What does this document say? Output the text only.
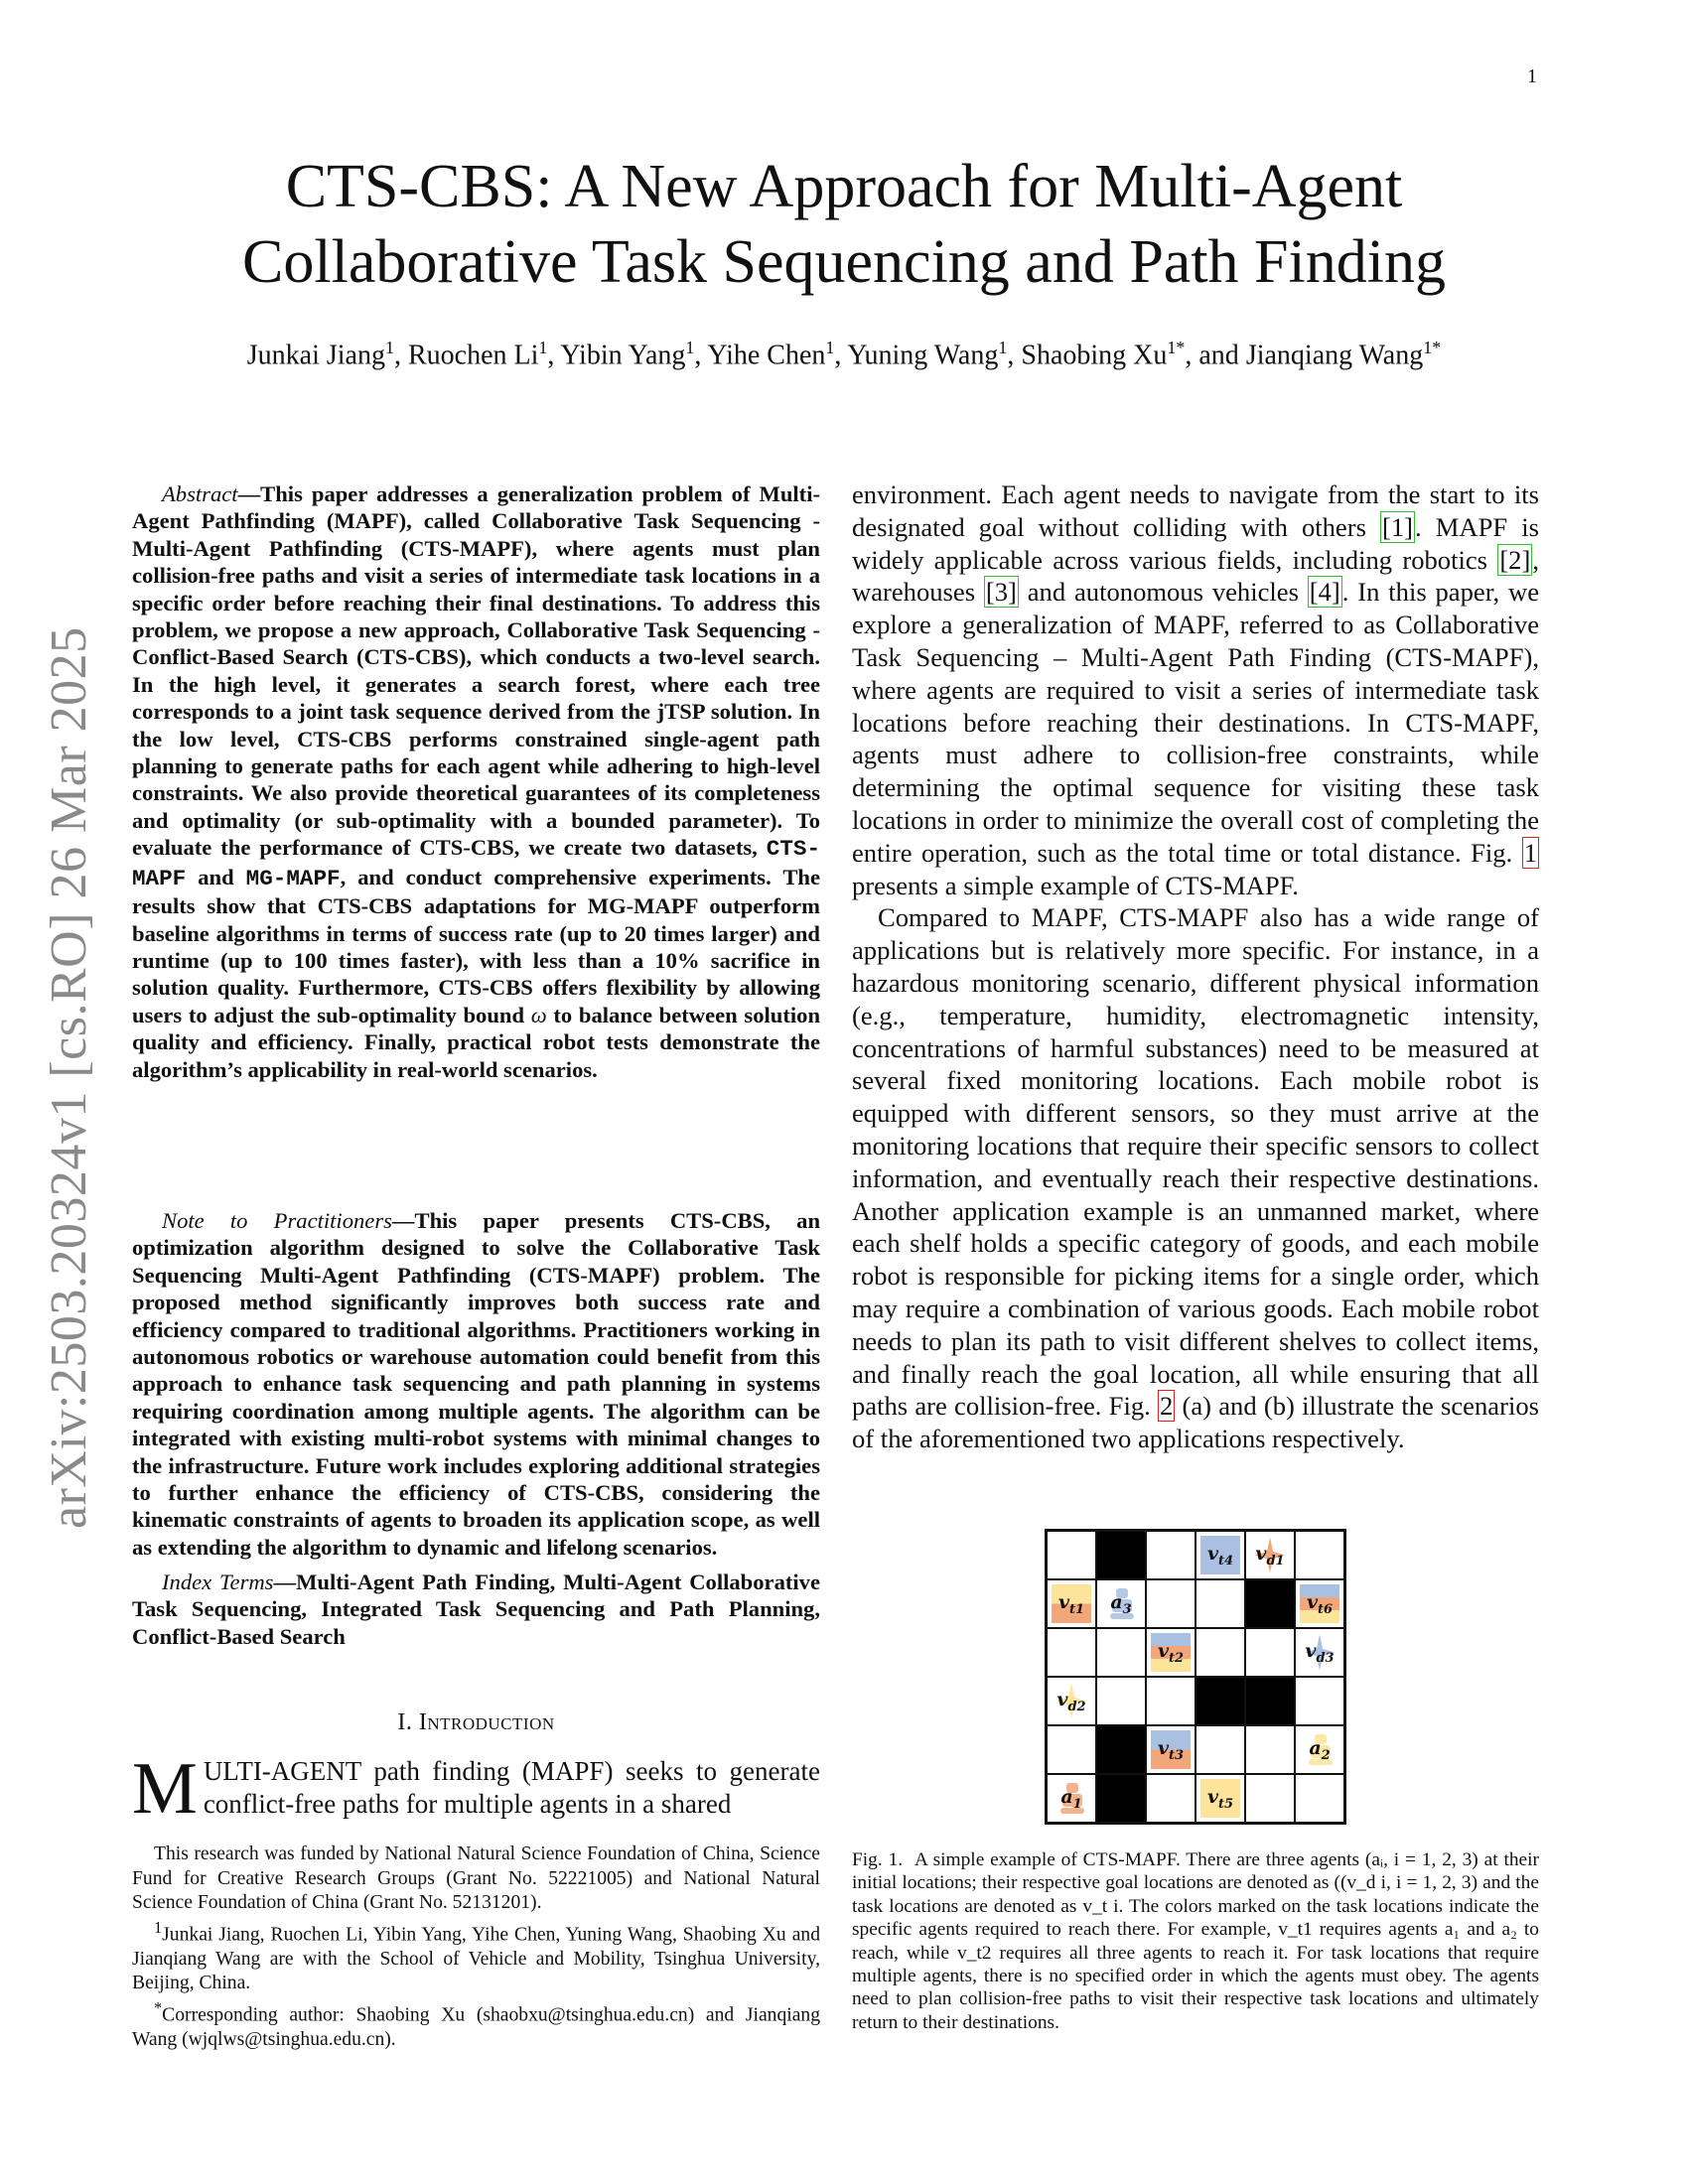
1
arXiv:2503.20324v1 [cs.RO] 26 Mar 2025
CTS-CBS: A New Approach for Multi-Agent
Collaborative Task Sequencing and Path Finding
Junkai Jiang$^1$, Ruochen Li$^1$, Yibin Yang$^1$, Yihe Chen$^1$, Yuning Wang$^1$, Shaobing $Xu^{1*}$, and Jianqiang Wang$^{1*}$

Abstract—This paper addresses a generalization problem of Multi-Agent Pathfinding (MAPF), called Collaborative Task Sequencing - Multi-Agent Pathfinding (CTS-MAPF), where agents must plan collision-free paths and visit a series of intermediate task locations in a specific order before reaching their final destinations. To address this problem, we propose a new approach, Collaborative Task Sequencing - Conflict-Based Search (CTS-CBS), which conducts a two-level search. In the high level, it generates a search forest, where each tree corresponds to a joint task sequence derived from the jTSP solution. In the low level, CTS-CBS performs constrained single-agent path planning to generate paths for each agent while adhering to high-level constraints. We also provide theoretical guarantees of its completeness and optimality (or sub-optimality with a bounded parameter). To evaluate the performance of CTS-CBS, we create two datasets, CTS-MAPF and MG-MAPF, and conduct comprehensive experiments. The results show that CTS-CBS adaptations for MG-MAPF outperform baseline algorithms in terms of success rate (up to 20 times larger) and runtime (up to 100 times faster), with less than a 10% sacrifice in solution quality. Furthermore, CTS-CBS offers flexibility by allowing users to adjust the sub-optimality bound ω to balance between solution quality and efficiency. Finally, practical robot tests demonstrate the algorithm’s applicability in real-world scenarios.

Note to Practitioners—This paper presents CTS-CBS, an optimization algorithm designed to solve the Collaborative Task Sequencing Multi-Agent Pathfinding (CTS-MAPF) problem. The proposed method significantly improves both success rate and efficiency compared to traditional algorithms. Practitioners working in autonomous robotics or warehouse automation could benefit from this approach to enhance task sequencing and path planning in systems requiring coordination among multiple agents. The algorithm can be integrated with existing multi-robot systems with minimal changes to the infrastructure. Future work includes exploring additional strategies to further enhance the efficiency of CTS-CBS, considering the kinematic constraints of agents to broaden its application scope, as well as extending the algorithm to dynamic and lifelong scenarios.

Index Terms—Multi-Agent Path Finding, Multi-Agent Collaborative Task Sequencing, Integrated Task Sequencing and Path Planning, Conflict-Based Search

I. Introduction
MULTI-AGENT path finding (MAPF) seeks to generate conflict-free paths for multiple agents in a shared

This research was funded by National Natural Science Foundation of China, Science Fund for Creative Research Groups (Grant No. 52221005) and National Natural Science Foundation of China (Grant No. 52131201).

$^1$Junkai Jiang, Ruochen Li, Yibin Yang, Yihe Chen, Yuning Wang, Shaobing Xu and Jianqiang Wang are with the School of Vehicle and Mobility, Tsinghua University, Beijing, China.

*Corresponding author: Shaobing Xu (shaobxu@tsinghua.edu.cn) and Jianqiang Wang (wjqlws@tsinghua.edu.cn).

environment. Each agent needs to navigate from the start to its designated goal without colliding with others [1]. MAPF is widely applicable across various fields, including robotics [2], warehouses [3] and autonomous vehicles [4]. In this paper, we explore a generalization of MAPF, referred to as Collaborative Task Sequencing – Multi-Agent Path Finding (CTS-MAPF), where agents are required to visit a series of intermediate task locations before reaching their destinations. In CTS-MAPF, agents must adhere to collision-free constraints, while determining the optimal sequence for visiting these task locations in order to minimize the overall cost of completing the entire operation, such as the total time or total distance. Fig. 1 presents a simple example of CTS-MAPF.

Compared to MAPF, CTS-MAPF also has a wide range of applications but is relatively more specific. For instance, in a hazardous monitoring scenario, different physical information (e.g., temperature, humidity, electromagnetic intensity, concentrations of harmful substances) need to be measured at several fixed monitoring locations. Each mobile robot is equipped with different sensors, so they must arrive at the monitoring locations that require their specific sensors to collect information, and eventually reach their respective destinations. Another application example is an unmanned market, where each shelf holds a specific category of goods, and each mobile robot is responsible for picking items for a single order, which may require a combination of various goods. Each mobile robot needs to plan its path to visit different shelves to collect items, and finally reach the goal location, all while ensuring that all paths are collision-free. Fig. 2 (a) and (b) illustrate the scenarios of the aforementioned two applications respectively.

$v_{t4}$ $v_{d1}$
$v_{t1}$ $a_3$	$v_{t6}$
$v_{t2}$	$v_{d3}$
$v_{d2}$
$v_{t3}$	$a_2$
$a_1$	$v_{t5}$
Fig. 1. A simple example of CTS-MAPF. There are three agents (aᵢ, i = 1, 2, 3) at their initial locations; their respective goal locations are denoted as ((v_d i, i = 1, 2, 3) and the task locations are denoted as v_t i. The colors marked on the task locations indicate the specific agents required to reach there. For example, v_t1 requires agents a₁ and a₂ to reach, while v_t2 requires all three agents to reach it. For task locations that require multiple agents, there is no specified order in which the agents must obey. The agents need to plan collision-free paths to visit their respective task locations and ultimately return to their destinations.
